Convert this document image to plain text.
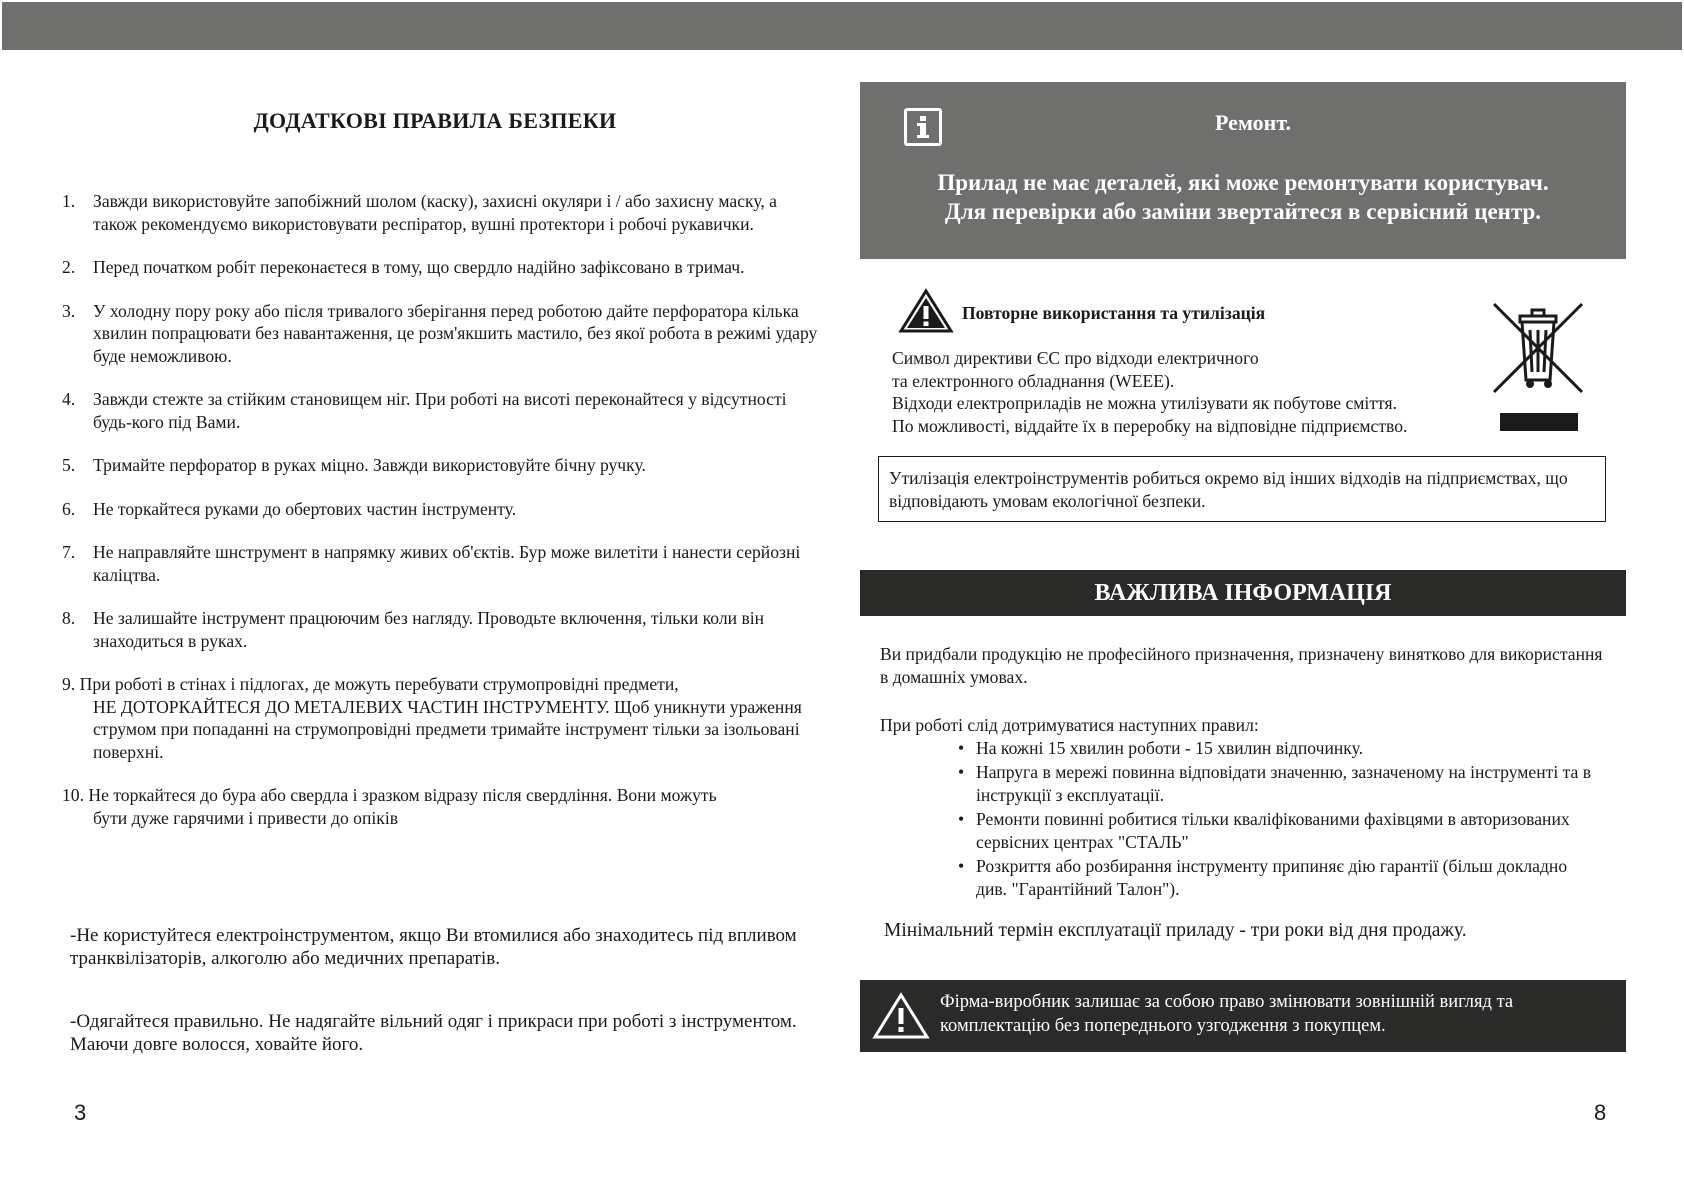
ДОДАТКОВІ ПРАВИЛА БЕЗПЕКИ
1. Завжди використовуйте запобіжний шолом (каску), захисні окуляри і / або захисну маску, а також рекомендуємо використовувати респіратор, вушні протектори і робочі рукавички.
2. Перед початком робіт переконаєтеся в тому, що свердло надійно зафіксовано в тримач.
3. У холодну пору року або після тривалого зберігання перед роботою дайте перфоратора кілька хвилин попрацювати без навантаження, це розм'якшить мастило, без якої робота в режимі удару буде неможливою.
4. Завжди стежте за стійким становищем ніг. При роботі на висоті переконайтеся у відсутності будь-кого під Вами.
5. Тримайте перфоратор в руках міцно. Завжди використовуйте бічну ручку.
6. Не торкайтеся руками до обертових частин інструменту.
7. Не направляйте шнструмент в напрямку живих об'єктів. Бур може вилетіти і нанести серйозні каліцтва.
8. Не залишайте інструмент працюючим без нагляду. Проводьте включення, тільки коли він знаходиться в руках.
9. При роботі в стінах і підлогах, де можуть перебувати струмопровідні предмети,
НЕ ДОТОРКАЙТЕСЯ ДО МЕТАЛЕВИХ ЧАСТИН ІНСТРУМЕНТУ. Щоб уникнути ураження струмом при попаданні на струмопровідні предмети тримайте інструмент тільки за ізольовані поверхні.
10. Не торкайтеся до бура або свердла і зразком відразу після свердління. Вони можуть
бути дуже гарячими і привести до опіків
-Не користуйтеся електроінструментом, якщо Ви втомилися або знаходитесь під впливом транквілізаторів, алкоголю або медичних препаратів.
-Одягайтеся правильно. Не надягайте вільний одяг і прикраси при роботі з інструментом. Маючи довге волосся, ховайте його.
3
Ремонт.
Прилад не має деталей, які може ремонтувати користувач.
Для перевірки або заміни звертайтеся в сервісний центр.
Повторне використання та утилізація
Символ директиви ЄС про відходи електричного
та електронного обладнання (WEEE).
Відходи електроприладів не можна утилізувати як побутове сміття.
По можливості, віддайте їх в переробку на відповідне підприємство.
Утилізація електроінструментів робиться окремо від інших відходів на підприємствах, що відповідають умовам екологічної безпеки.
ВАЖЛИВА ІНФОРМАЦІЯ
Ви придбали продукцію не професійного призначення, призначену винятково для використання в домашніх умовах.
При роботі слід дотримуватися наступних правил:
• На кожні 15 хвилин роботи - 15 хвилин відпочинку.
• Напруга в мережі повинна відповідати значенню, зазначеному на інструменті та в інструкції з експлуатації.
• Ремонти повинні робитися тільки кваліфікованими фахівцями в авторизованих сервісних центрах "СТАЛЬ"
• Розкриття або розбирання інструменту припиняє дію гарантії (більш докладно див. "Гарантійний Талон").
Мінімальний термін експлуатації приладу - три роки від дня продажу.
Фірма-виробник залишає за собою право змінювати зовнішній вигляд та комплектацію без попереднього узгодження з покупцем.
8
